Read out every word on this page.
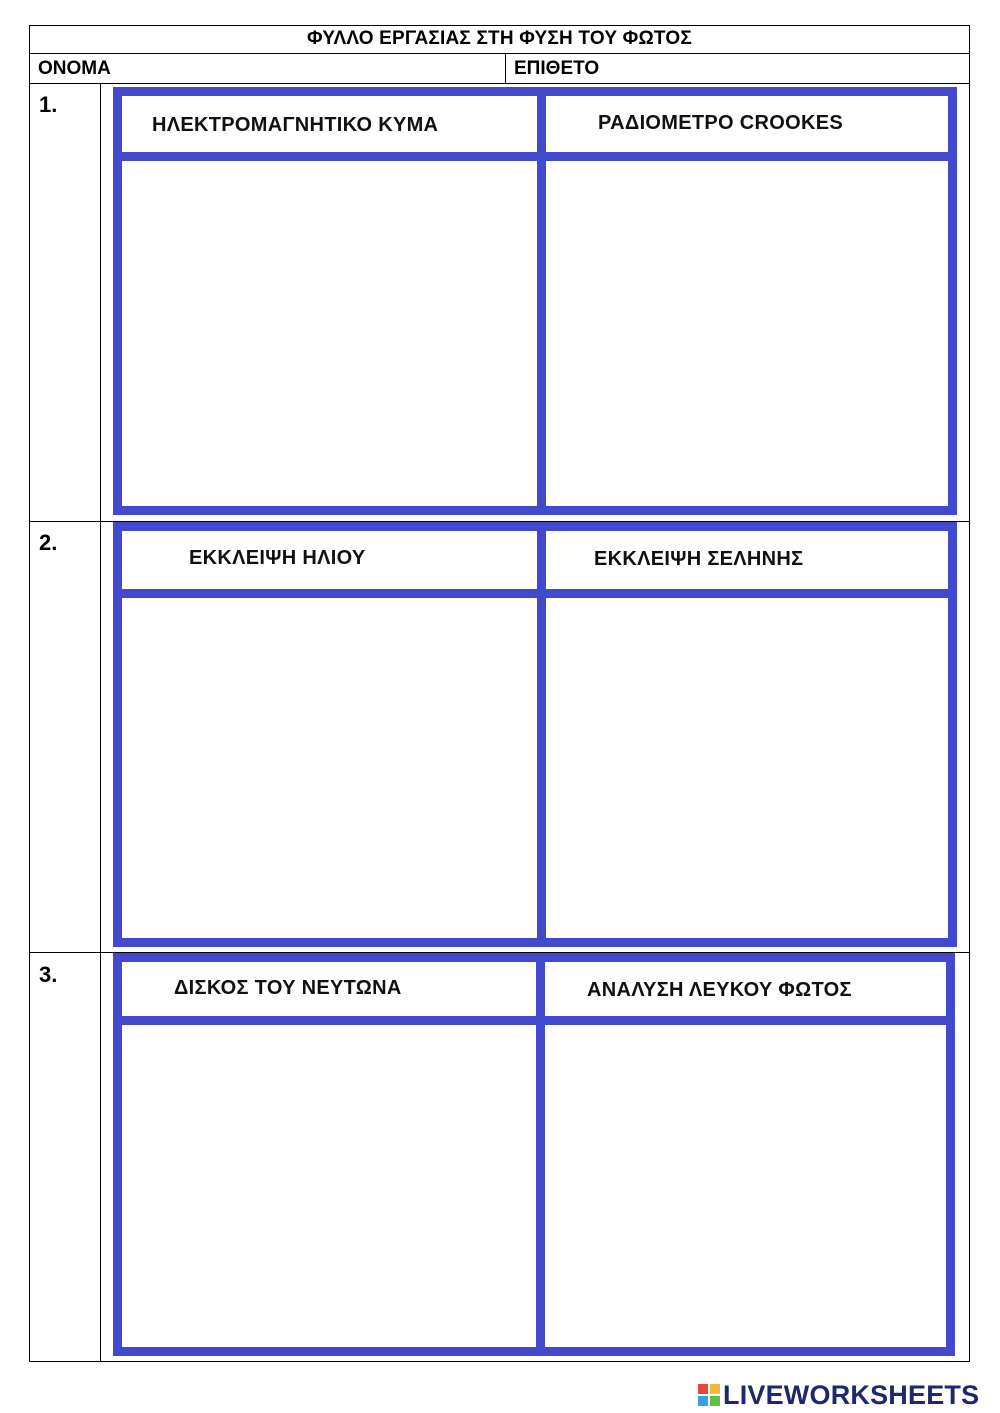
ΦΥΛΛΟ ΕΡΓΑΣΙΑΣ ΣΤΗ ΦΥΣΗ ΤΟΥ ΦΩΤΟΣ
ΟΝΟΜΑ	ΕΠΙΘΕΤΟ
1.
ΗΛΕΚΤΡΟΜΑΓΝΗΤΙΚΟ ΚΥΜΑ	ΡΑΔΙΟΜΕΤΡΟ CROOKES
2.
ΕΚΚΛΕΙΨΗ ΗΛΙΟΥ	ΕΚΚΛΕΙΨΗ ΣΕΛΗΝΗΣ
3.
ΔΙΣΚΟΣ ΤΟΥ ΝΕΥΤΩΝΑ	ΑΝΑΛΥΣΗ ΛΕΥΚΟΥ ΦΩΤΟΣ
LIVEWORKSHEETS
